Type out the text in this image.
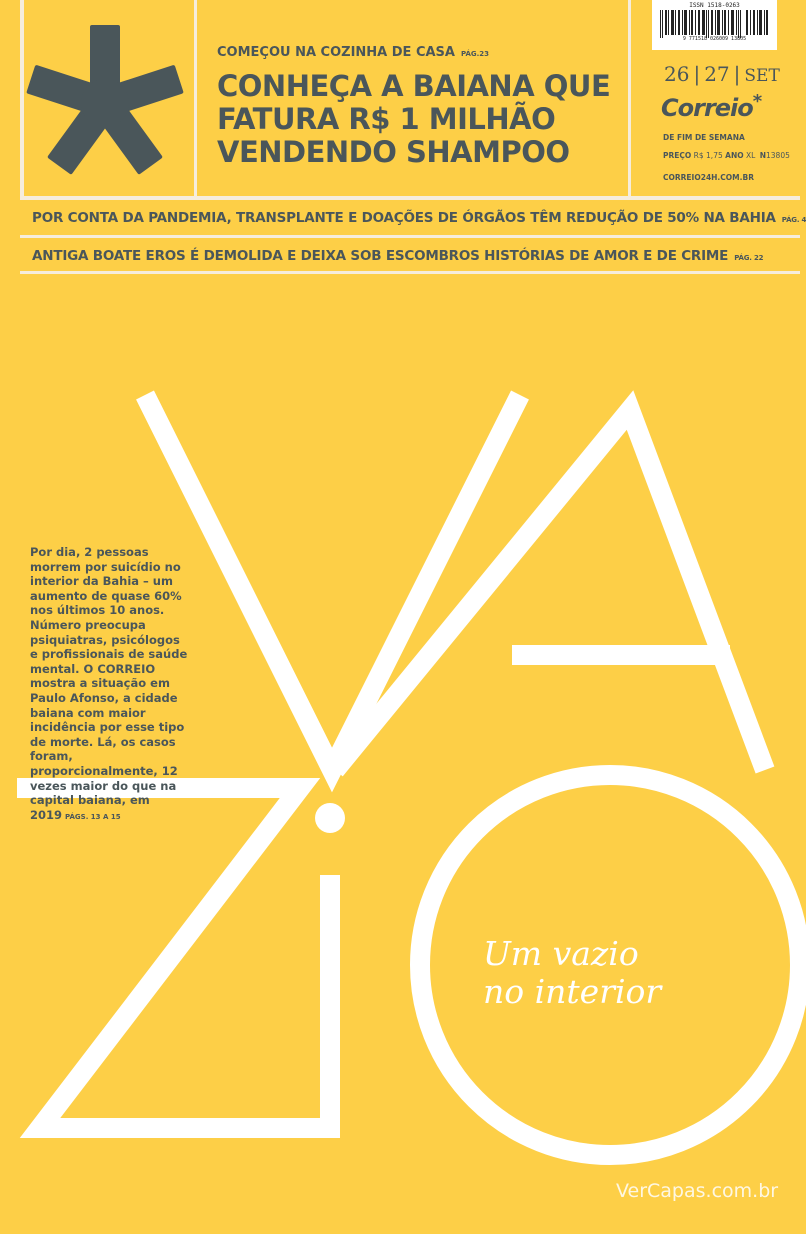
COMEÇOU NA COZINHA DE CASA PÁG.23
CONHEÇA A BAIANA QUE
FATURA R$ 1 MILHÃO
VENDENDO SHAMPOO
ISSN 1518-0263
9 771518 026009 13805
26 | 27 | SET
Correio*
DE FIM DE SEMANA
PREÇO R$ 1,75 ANO XL N13805
CORREIO24H.COM.BR
POR CONTA DA PANDEMIA, TRANSPLANTE E DOAÇÕES DE ÓRGÃOS TÊM REDUÇÃO DE 50% NA BAHIA PÁG. 4
ANTIGA BOATE EROS É DEMOLIDA E DEIXA SOB ESCOMBROS HISTÓRIAS DE AMOR E DE CRIME PÁG. 22
Por dia, 2 pessoas morrem por suicídio no interior da Bahia – um aumento de quase 60% nos últimos 10 anos. Número preocupa psiquiatras, psicólogos e profissionais de saúde mental. O CORREIO mostra a situação em Paulo Afonso, a cidade baiana com maior incidência por esse tipo de morte. Lá, os casos foram, proporcionalmente, 12 vezes maior do que na capital baiana, em 2019 PÁGS. 13 A 15
Um vazio
no interior
VerCapas.com.br
